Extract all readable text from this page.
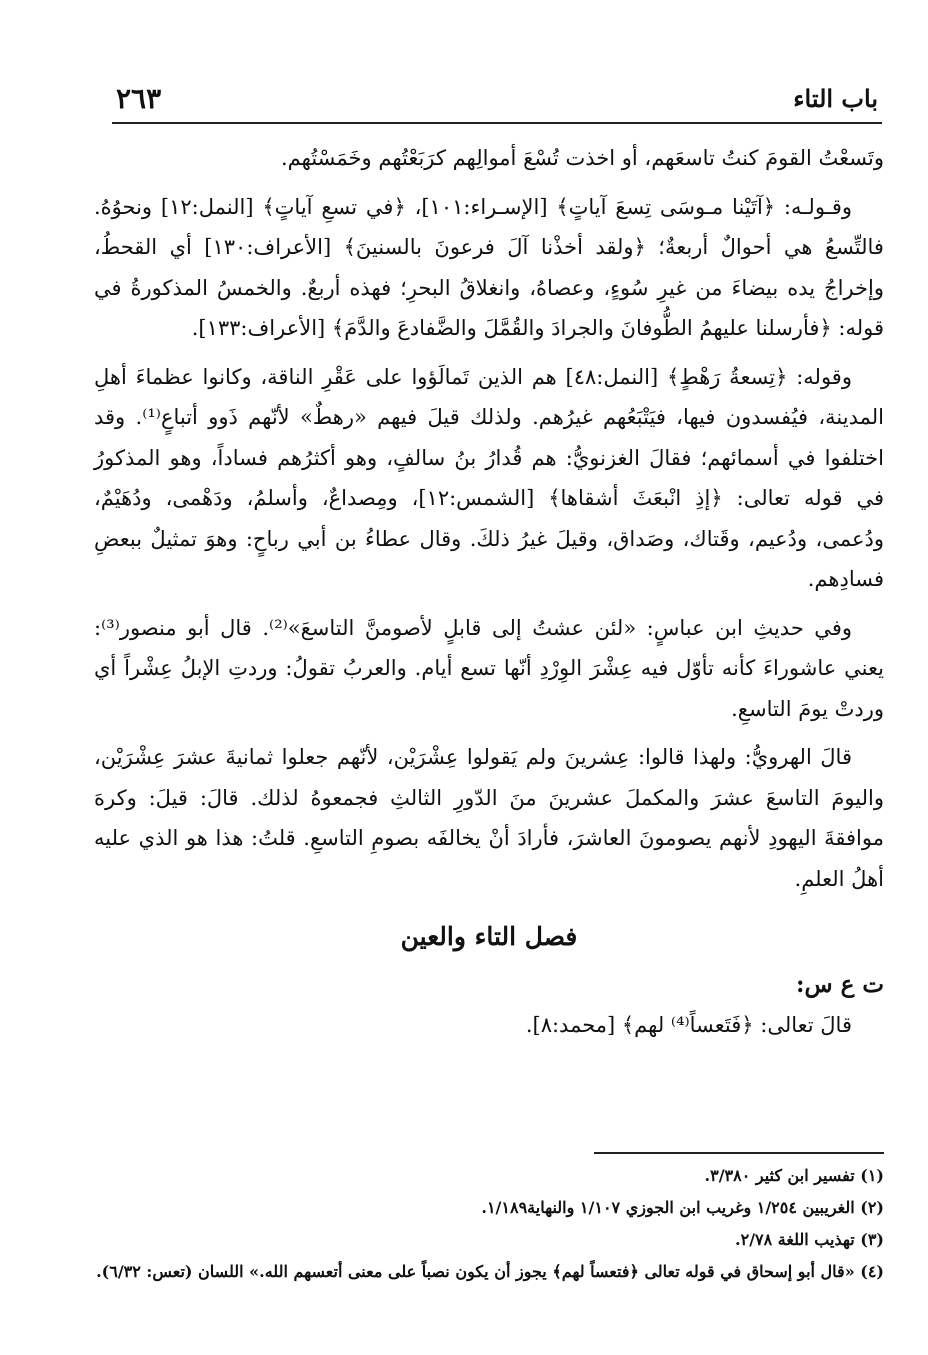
باب التاء
٢٦٣

وتَسعْتُ القومَ كنتُ تاسعَهم، أو اخذت تُسْعَ أموالِهم كرَبَعْتُهم وخَمَسْتُهم.

وقـولـه: ﴿آتَيْنا مـوسَى تِسعَ آياتٍ﴾ [الإسـراء:١٠١]، ﴿في تسعِ آياتٍ﴾ [النمل:١٢] ونحوُهُ. فالتِّسعُ هي أحوالٌ أربعةٌ؛ ﴿ولقد أخذْنا آلَ فرعونَ بالسنينَ﴾ [الأعراف:١٣٠] أي القحطُ، وإخراجُ يده بيضاءَ من غيرِ سُوءٍ، وعصاهُ، وانغلاقُ البحرِ؛ فهذه أربعٌ. والخمسُ المذكورةُ في قوله: ﴿فأرسلنا عليهمُ الطُّوفانَ والجرادَ والقُمَّلَ والضَّفادعَ والدَّمَ﴾ [الأعراف:١٣٣].

وقوله: ﴿تِسعةُ رَهْطٍ﴾ [النمل:٤٨] هم الذين تَمالَؤوا على عَقْرِ الناقة، وكانوا عظماءَ أهلِ المدينة، فيُفسدون فيها، فيَتْبَعُهم غيرُهم. ولذلك قيلَ فيهم «رهطٌ» لأنّهم ذَوو أتباعٍ⁽¹⁾. وقد اختلفوا في أسمائهم؛ فقالَ الغزنويُّ: هم قُدارُ بنُ سالفٍ، وهو أكثرُهم فساداً، وهو المذكورُ في قوله تعالى: ﴿إذِ انْبعَثَ أشقاها﴾ [الشمس:١٢]، ومِصداعٌ، وأسلمُ، ودَهْمى، ودُهَيْمٌ، ودُعمى، ودُعيم، وقَتاك، وصَداق، وقيلَ غيرُ ذلكَ. وقال عطاءُ بن أبي رباحٍ: وهوَ تمثيلٌ ببعضِ فسادِهم.

وفي حديثِ ابن عباسٍ: «لئن عشتُ إلى قابلٍ لأصومنَّ التاسعَ»⁽²⁾. قال أبو منصور⁽³⁾: يعني عاشوراءَ كأنه تأوّل فيه عِشْرَ الوِرْدِ أنّها تسع أيام. والعربُ تقولُ: وردتِ الإبلُ عِشْراً أي وردتْ يومَ التاسعِ.

قالَ الهرويُّ: ولهذا قالوا: عِشرينَ ولم يَقولوا عِشْرَيْن، لأنّهم جعلوا ثمانيةَ عشرَ عِشْرَيْن، واليومَ التاسعَ عشرَ والمكملَ عشرينَ منَ الدّورِ الثالثِ فجمعوهُ لذلك. قالَ: قيلَ: وكرهَ موافقةَ اليهودِ لأنهم يصومونَ العاشرَ، فأرادَ أنْ يخالفَه بصومِ التاسعِ. قلتُ: هذا هو الذي عليه أهلُ العلمِ.

فصل التاء والعين

ت ع س:

قالَ تعالى: ﴿فَتَعساً⁽⁴⁾ لهم﴾ [محمد:٨].

(١) تفسير ابن كثير ٣/٣٨٠.

(٢) الغريبين ١/٢٥٤ وغريب ابن الجوزي ١/١٠٧ والنهاية١/١٨٩.

(٣) تهذيب اللغة ٢/٧٨.

(٤) «قال أبو إسحاق في قوله تعالى ﴿فتعساً لهم﴾ يجوز أن يكون نصباً على معنى أتعسهم الله.» اللسان (تعس: ٦/٣٢).
